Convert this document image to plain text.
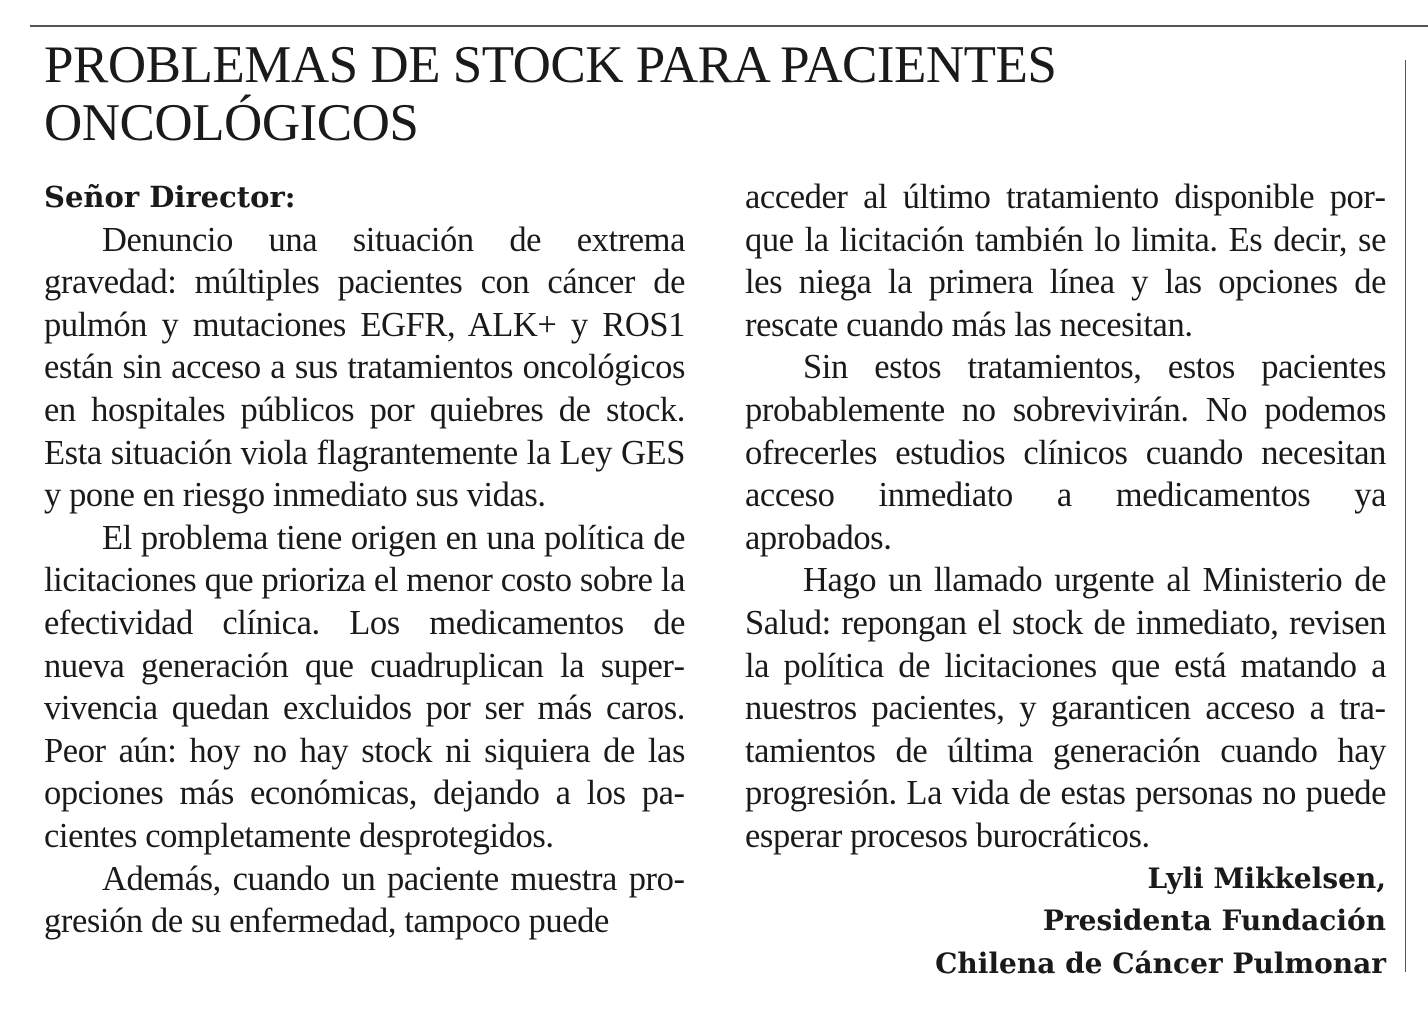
PROBLEMAS DE STOCK PARA PACIENTES ONCOLÓGICOS
Señor Director:

Denuncio una situación de extrema gravedad: múltiples pacientes con cáncer de pulmón y mutaciones EGFR, ALK+ y ROS1 están sin acceso a sus tratamientos oncológicos en hospitales públicos por quiebres de stock. Esta situación viola flagrantemente la Ley GES y pone en riesgo inmediato sus vidas.

El problema tiene origen en una política de licitaciones que prioriza el menor costo sobre la efectividad clínica. Los medicamentos de nueva generación que cuadruplican la supervivencia quedan excluidos por ser más caros. Peor aún: hoy no hay stock ni siquiera de las opciones más económicas, dejando a los pacientes completamente desprotegidos.

Además, cuando un paciente muestra progresión de su enfermedad, tampoco puede

acceder al último tratamiento disponible porque la licitación también lo limita. Es decir, se les niega la primera línea y las opciones de rescate cuando más las necesitan.

Sin estos tratamientos, estos pacientes probablemente no sobrevivirán. No podemos ofrecerles estudios clínicos cuando necesitan acceso inmediato a medicamentos ya aprobados.

Hago un llamado urgente al Ministerio de Salud: repongan el stock de inmediato, revisen la política de licitaciones que está matando a nuestros pacientes, y garanticen acceso a tratamientos de última generación cuando hay progresión. La vida de estas personas no puede esperar procesos burocráticos.

Lyli Mikkelsen,
Presidenta Fundación
Chilena de Cáncer Pulmonar
